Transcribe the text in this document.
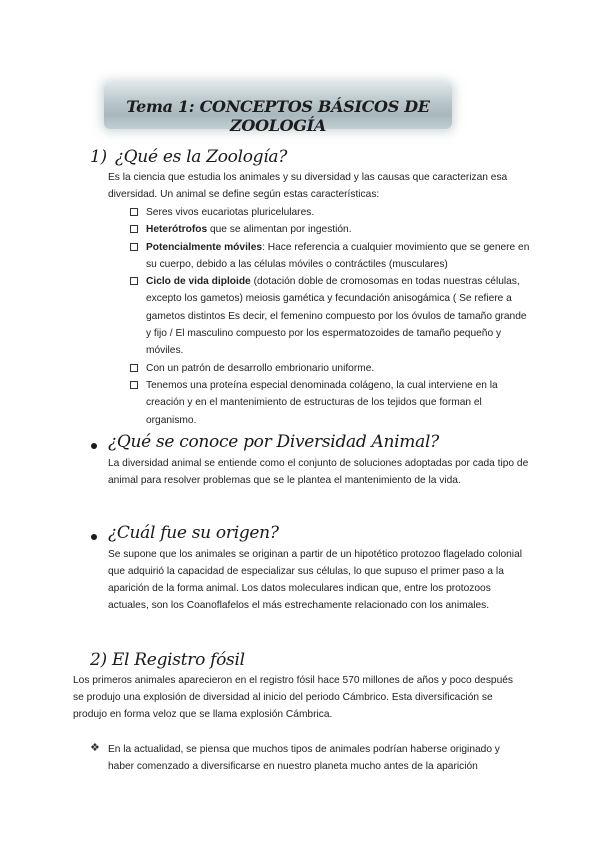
Tema 1: CONCEPTOS BÁSICOS DE ZOOLOGÍA
1) ¿Qué es la Zoología?
Es la ciencia que estudia los animales y su diversidad y las causas que caracterizan esa diversidad. Un animal se define según estas características:
Seres vivos eucariotas pluricelulares.
Heterótrofos que se alimentan por ingestión.
Potencialmente móviles: Hace referencia a cualquier movimiento que se genere en su cuerpo, debido a las células móviles o contráctiles (musculares)
Ciclo de vida diploide (dotación doble de cromosomas en todas nuestras células, excepto los gametos) meiosis gamética y fecundación anisogámica ( Se refiere a gametos distintos Es decir, el femenino compuesto por los óvulos de tamaño grande y fijo / El masculino compuesto por los espermatozoides de tamaño pequeño y móviles.
Con un patrón de desarrollo embrionario uniforme.
Tenemos una proteína especial denominada colágeno, la cual interviene en la creación y en el mantenimiento de estructuras de los tejidos que forman el organismo.
¿Qué se conoce por Diversidad Animal?
La diversidad animal se entiende como el conjunto de soluciones adoptadas por cada tipo de animal para resolver problemas que se le plantea el mantenimiento de la vida.
¿Cuál fue su origen?
Se supone que los animales se originan a partir de un hipotético protozoo flagelado colonial que adquirió la capacidad de especializar sus células, lo que supuso el primer paso a la aparición de la forma animal. Los datos moleculares indican que, entre los protozoos actuales, son los Coanoflafelos el más estrechamente relacionado con los animales.
2) El Registro fósil
Los primeros animales aparecieron en el registro fósil hace 570 millones de años y poco después se produjo una explosión de diversidad al inicio del periodo Cámbrico. Esta diversificación se produjo en forma veloz que se llama explosión Cámbrica.
❖ En la actualidad, se piensa que muchos tipos de animales podrían haberse originado y haber comenzado a diversificarse en nuestro planeta mucho antes de la aparición
